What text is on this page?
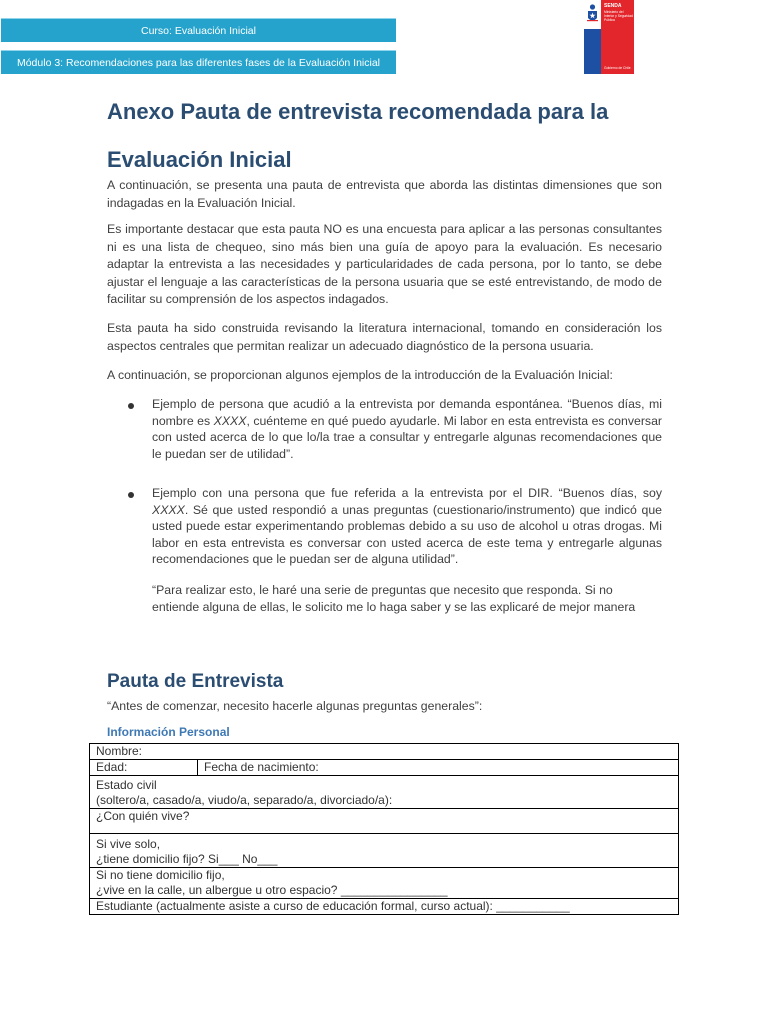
Curso: Evaluación Inicial
Módulo 3: Recomendaciones para las diferentes fases de la Evaluación Inicial
SENDA
Ministerio del Interior y Seguridad Pública
Gobierno de Chile
Anexo Pauta de entrevista recomendada para la
Evaluación Inicial

A continuación, se presenta una pauta de entrevista que aborda las distintas dimensiones que son indagadas en la Evaluación Inicial.

Es importante destacar que esta pauta NO es una encuesta para aplicar a las personas consultantes ni es una lista de chequeo, sino más bien una guía de apoyo para la evaluación. Es necesario adaptar la entrevista a las necesidades y particularidades de cada persona, por lo tanto, se debe ajustar el lenguaje a las características de la persona usuaria que se esté entrevistando, de modo de facilitar su comprensión de los aspectos indagados.

Esta pauta ha sido construida revisando la literatura internacional, tomando en consideración los aspectos centrales que permitan realizar un adecuado diagnóstico de la persona usuaria.

A continuación, se proporcionan algunos ejemplos de la introducción de la Evaluación Inicial:

Ejemplo de persona que acudió a la entrevista por demanda espontánea. “Buenos días, mi nombre es XXXX, cuénteme en qué puedo ayudarle. Mi labor en esta entrevista es conversar con usted acerca de lo que lo/la trae a consultar y entregarle algunas recomendaciones que le puedan ser de utilidad”.
Ejemplo con una persona que fue referida a la entrevista por el DIR. “Buenos días, soy XXXX. Sé que usted respondió a unas preguntas (cuestionario/instrumento) que indicó que usted puede estar experimentando problemas debido a su uso de alcohol u otras drogas. Mi labor en esta entrevista es conversar con usted acerca de este tema y entregarle algunas recomendaciones que le puedan ser de alguna utilidad”.
“Para realizar esto, le haré una serie de preguntas que necesito que responda. Si no entiende alguna de ellas, le solicito me lo haga saber y se las explicaré de mejor manera
Pauta de Entrevista

“Antes de comenzar, necesito hacerle algunas preguntas generales”:

Información Personal
Nombre:
Edad:	Fecha de nacimiento:

Estado civil
(soltero/a, casado/a, viudo/a, separado/a, divorciado/a):

¿Con quién vive?

Si vive solo,
¿tiene domicilio fijo? Si___ No___

Si no tiene domicilio fijo,
¿vive en la calle, un albergue u otro espacio? ________________

Estudiante (actualmente asiste a curso de educación formal, curso actual): ___________
